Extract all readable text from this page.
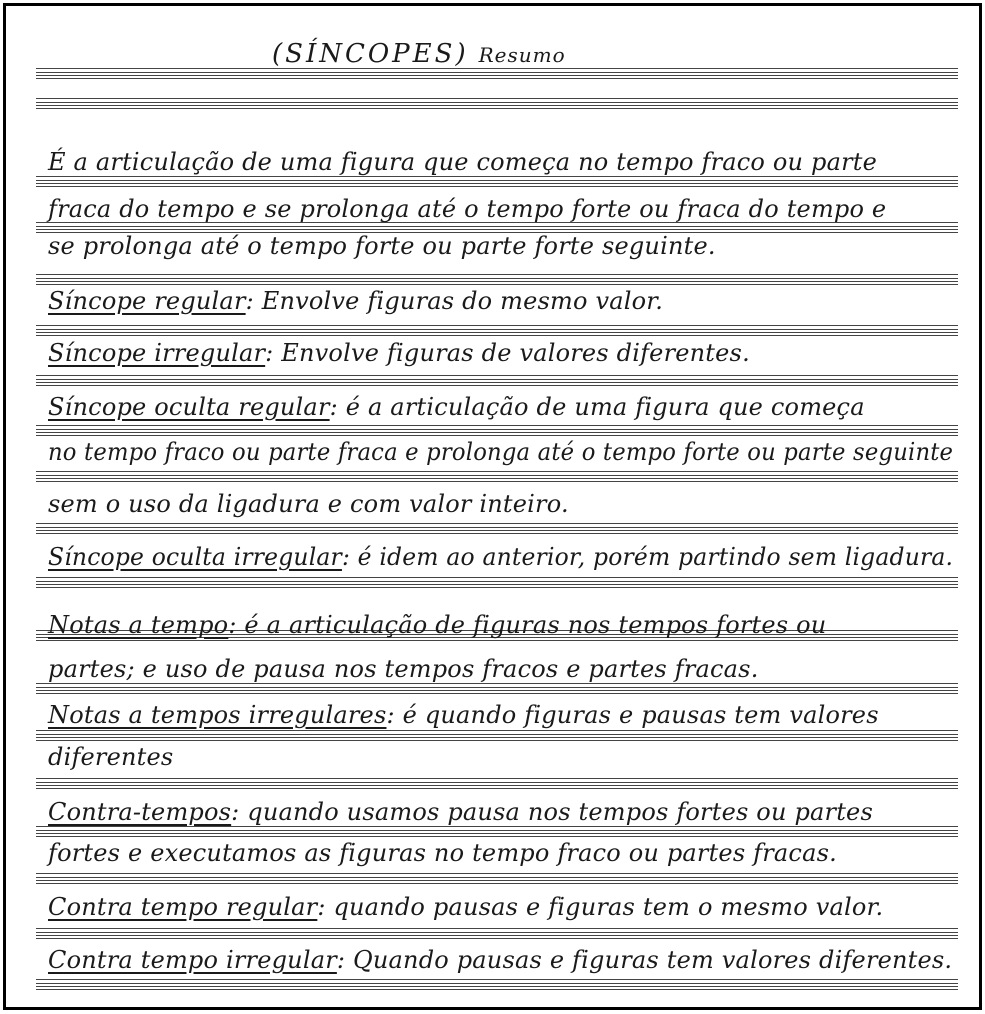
(SÍNCOPES) Resumo
É a articulação de uma figura que começa no tempo fraco ou parte
fraca do tempo e se prolonga até o tempo forte ou fraca do tempo e
se prolonga até o tempo forte ou parte forte seguinte.
Síncope regular: Envolve figuras do mesmo valor.
Síncope irregular: Envolve figuras de valores diferentes.
Síncope oculta regular: é a articulação de uma figura que começa
no tempo fraco ou parte fraca e prolonga até o tempo forte ou parte seguinte
sem o uso da ligadura e com valor inteiro.
Síncope oculta irregular: é idem ao anterior, porém partindo sem ligadura.
Notas a tempo: é a articulação de figuras nos tempos fortes ou
partes; e uso de pausa nos tempos fracos e partes fracas.
Notas a tempos irregulares: é quando figuras e pausas tem valores
diferentes
Contra-tempos: quando usamos pausa nos tempos fortes ou partes
fortes e executamos as figuras no tempo fraco ou partes fracas.
Contra tempo regular: quando pausas e figuras tem o mesmo valor.
Contra tempo irregular: Quando pausas e figuras tem valores diferentes.
